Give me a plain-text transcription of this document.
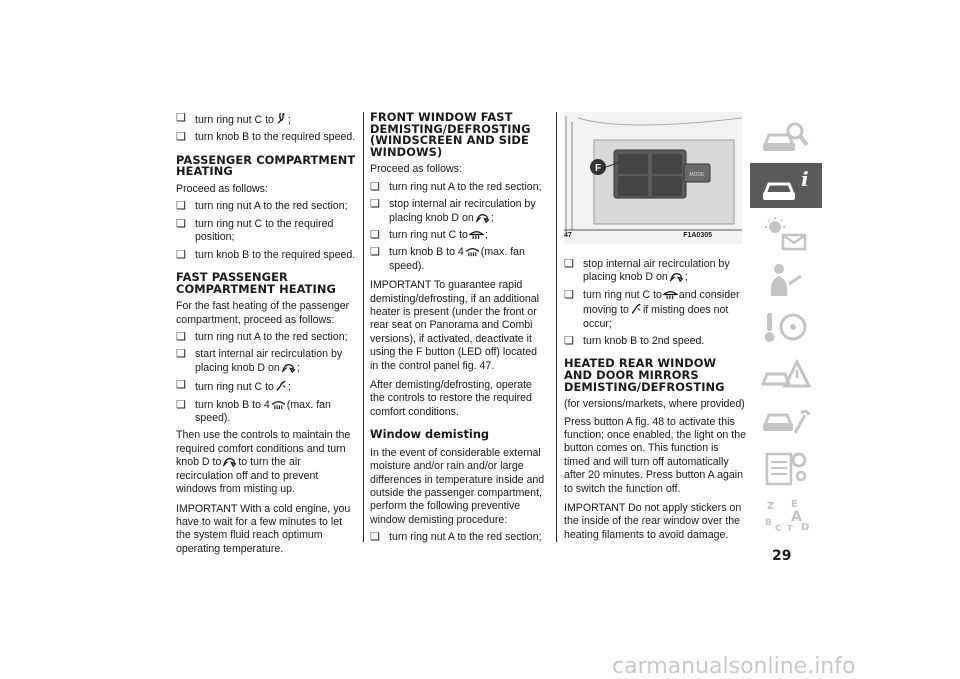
❏ turn ring nut C to ;
❏ turn knob B to the required speed.
PASSENGER COMPARTMENT HEATING
Proceed as follows:
❏ turn ring nut A to the red section;
❏ turn ring nut C to the required position;
❏ turn knob B to the required speed.
FAST PASSENGER COMPARTMENT HEATING
For the fast heating of the passenger compartment, proceed as follows:
❏ turn ring nut A to the red section;
❏ start internal air recirculation by placing knob D on ;
❏ turn ring nut C to ;
❏ turn knob B to 4 (max. fan speed).
Then use the controls to maintain the required comfort conditions and turn knob D to to turn the air recirculation off and to prevent windows from misting up.
IMPORTANT With a cold engine, you have to wait for a few minutes to let the system fluid reach optimum operating temperature.
FRONT WINDOW FAST DEMISTING/DEFROSTING (WINDSCREEN AND SIDE WINDOWS)
Proceed as follows:
❏ turn ring nut A to the red section;
❏ stop internal air recirculation by placing knob D on ;
❏ turn ring nut C to ;
❏ turn knob B to 4 (max. fan speed).
IMPORTANT To guarantee rapid demisting/defrosting, if an additional heater is present (under the front or rear seat on Panorama and Combi versions), if activated, deactivate it using the F button (LED off) located in the control panel fig. 47.
After demisting/defrosting, operate the controls to restore the required comfort conditions.
Window demisting
In the event of considerable external moisture and/or rain and/or large differences in temperature inside and outside the passenger compartment, perform the following preventive window demisting procedure:
❏ turn ring nut A to the red section;
MODE
F
47	F1A0305
❏ stop internal air recirculation by placing knob D on ;
❏ turn ring nut C to and consider moving to if misting does not occur;
❏ turn knob B to 2nd speed.
HEATED REAR WINDOW AND DOOR MIRRORS DEMISTING/DEFROSTING
(for versions/markets, where provided)
Press button A fig. 48 to activate this function; once enabled, the light on the button comes on. This function is timed and will turn off automatically after 20 minutes. Press button A again to switch the function off.
IMPORTANT Do not apply stickers on the inside of the rear window over the heating filaments to avoid damage.
i
Z E
B A
C T D
29
carmanualsonline.info
